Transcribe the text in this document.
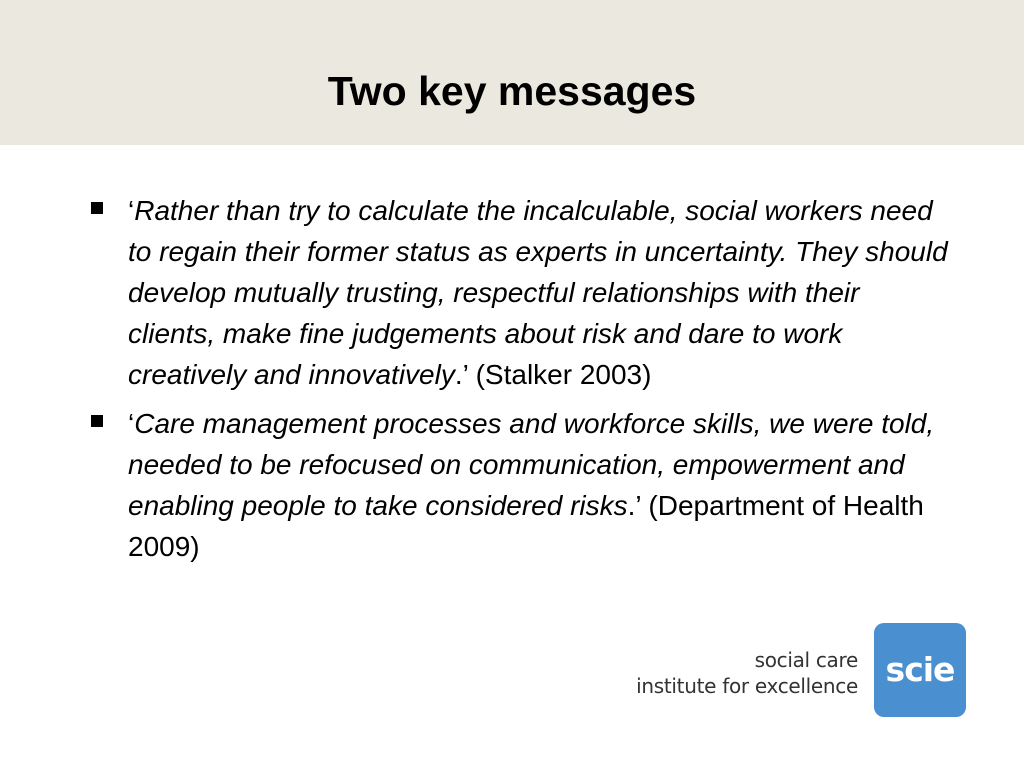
Two key messages
‘Rather than try to calculate the incalculable, social workers need to regain their former status as experts in uncertainty. They should develop mutually trusting, respectful relationships with their clients, make fine judgements about risk and dare to work creatively and innovatively.’ (Stalker 2003)
‘Care management processes and workforce skills, we were told, needed to be refocused on communication, empowerment and enabling people to take considered risks.’ (Department of Health 2009)
social care
institute for excellence scie
